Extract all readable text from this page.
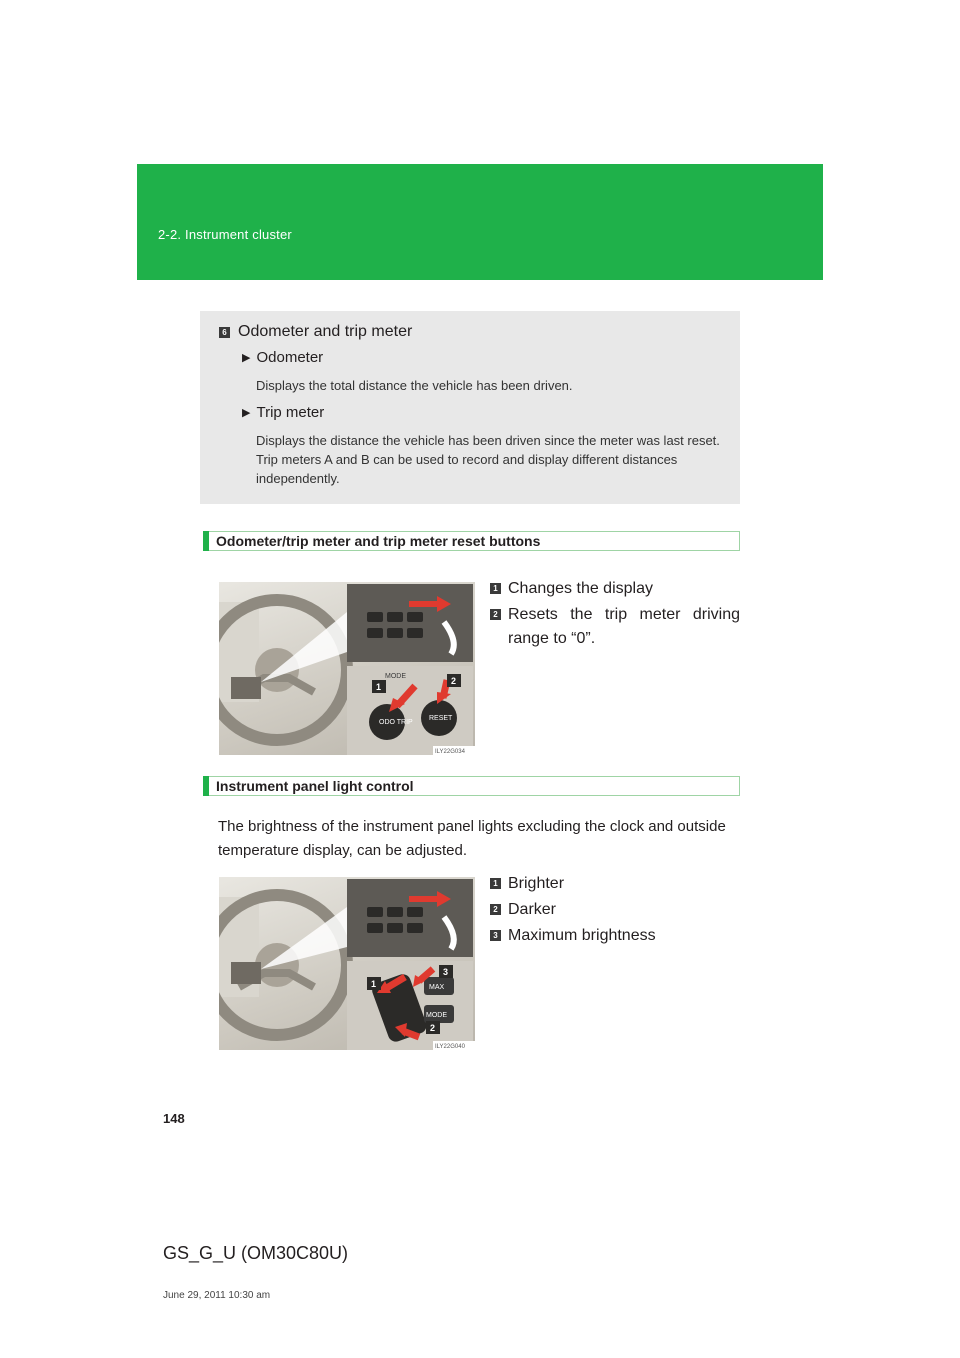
2-2. Instrument cluster
6 Odometer and trip meter
▶ Odometer
Displays the total distance the vehicle has been driven.
▶ Trip meter
Displays the distance the vehicle has been driven since the meter was last reset. Trip meters A and B can be used to record and display different distances independently.
Odometer/trip meter and trip meter reset buttons
ODO TRIP
RESET
MODE
1
2
ILY22G034
1 Changes the display
2 Resets the trip meter driving range to “0”.
Instrument panel light control
The brightness of the instrument panel lights excluding the clock and outside temperature display, can be adjusted.
MAX
MODE
1
2
3
ILY22G040
1 Brighter
2 Darker
3 Maximum brightness
148
GS_G_U (OM30C80U)
June 29, 2011 10:30 am
